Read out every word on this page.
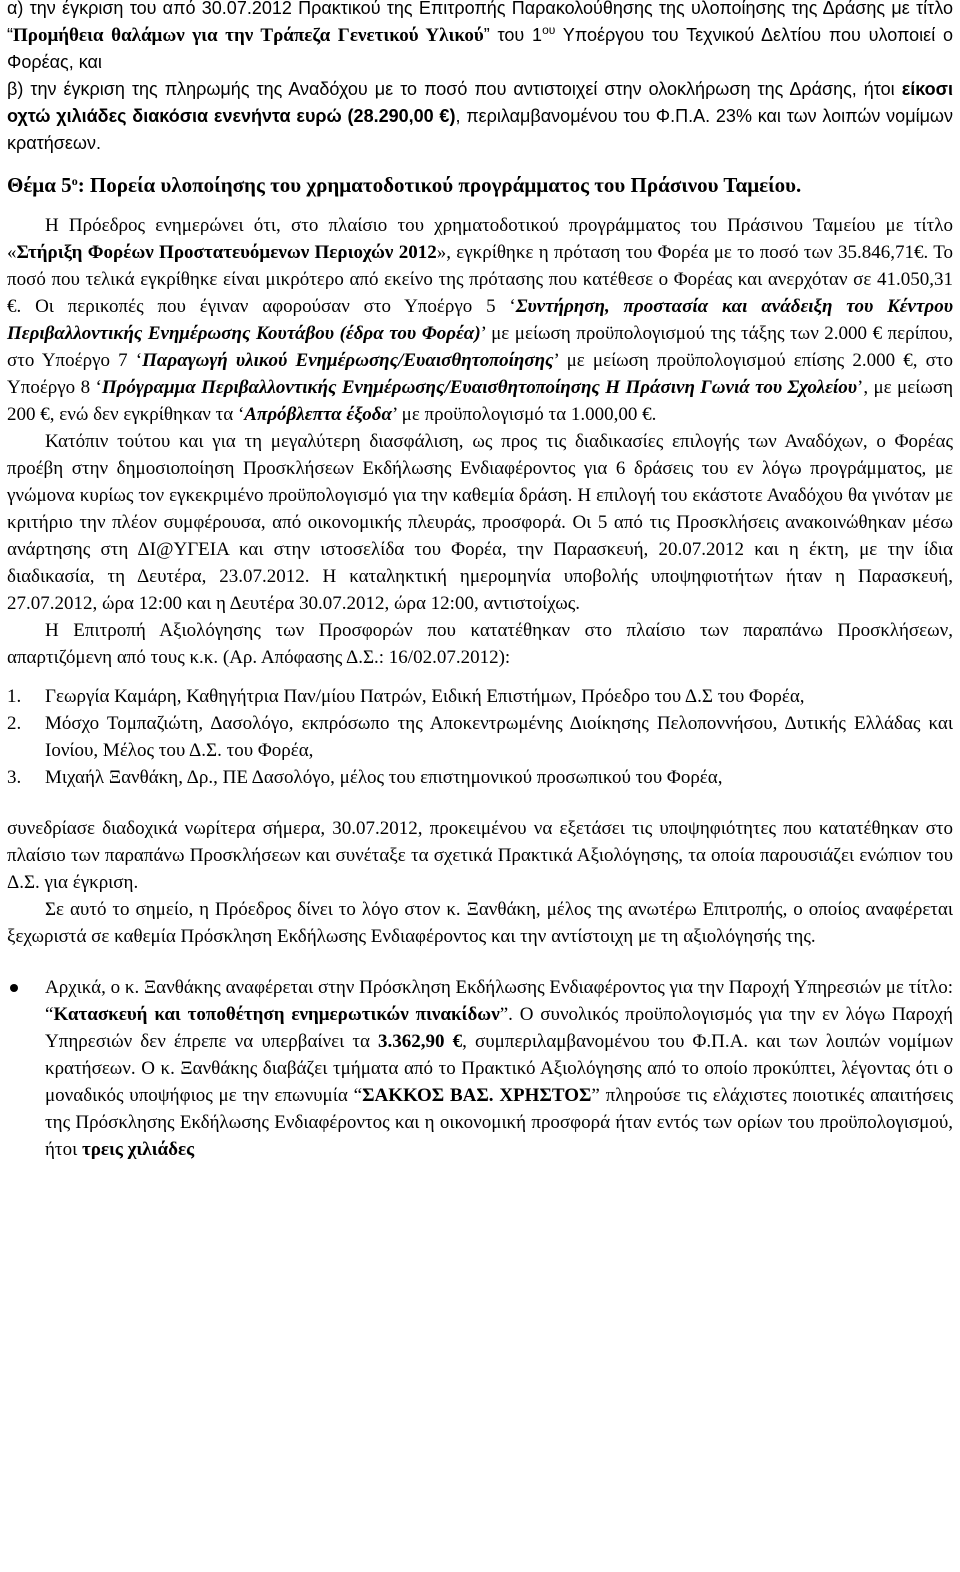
α) την έγκριση του από 30.07.2012 Πρακτικού της Επιτροπής Παρακολούθησης της υλοποίησης της Δράσης με τίτλο “Προμήθεια θαλάμων για την Τράπεζα Γενετικού Υλικού” του $1^{o\upsilon}$ Υποέργου του Τεχνικού Δελτίου που υλοποιεί ο Φορέας, και

β) την έγκριση της πληρωμής της Αναδόχου με το ποσό που αντιστοιχεί στην ολοκλήρωση της Δράσης, ήτοι είκοσι οχτώ χιλιάδες διακόσια ενενήντα ευρώ (28.290,00 €), περιλαμβανομένου του Φ.Π.Α. 23% και των λοιπών νομίμων κρατήσεων.

Θέμα $5^o$: Πορεία υλοποίησης του χρηματοδοτικού προγράμματος του Πράσινου Ταμείου.

Η Πρόεδρος ενημερώνει ότι, στο πλαίσιο του χρηματοδοτικού προγράμματος του Πράσινου Ταμείου με τίτλο «Στήριξη Φορέων Προστατευόμενων Περιοχών 2012», εγκρίθηκε η πρόταση του Φορέα με το ποσό των 35.846,71€. Το ποσό που τελικά εγκρίθηκε είναι μικρότερο από εκείνο της πρότασης που κατέθεσε ο Φορέας και ανερχόταν σε 41.050,31 €. Οι περικοπές που έγιναν αφορούσαν στο Υποέργο 5 ‘Συντήρηση, προστασία και ανάδειξη του Κέντρου Περιβαλλοντικής Ενημέρωσης Κουτάβου (έδρα του Φορέα)’ με μείωση προϋπολογισμού της τάξης των 2.000 € περίπου, στο Υποέργο 7 ‘Παραγωγή υλικού Ενημέρωσης/Ευαισθητοποίησης’ με μείωση προϋπολογισμού επίσης 2.000 €, στο Υποέργο 8 ‘Πρόγραμμα Περιβαλλοντικής Ενημέρωσης/Ευαισθητοποίησης Η Πράσινη Γωνιά του Σχολείου’, με μείωση 200 €, ενώ δεν εγκρίθηκαν τα ‘Απρόβλεπτα έξοδα’ με προϋπολογισμό τα 1.000,00 €.

Κατόπιν τούτου και για τη μεγαλύτερη διασφάλιση, ως προς τις διαδικασίες επιλογής των Αναδόχων, ο Φορέας προέβη στην δημοσιοποίηση Προσκλήσεων Εκδήλωσης Ενδιαφέροντος για 6 δράσεις του εν λόγω προγράμματος, με γνώμονα κυρίως τον εγκεκριμένο προϋπολογισμό για την καθεμία δράση. Η επιλογή του εκάστοτε Αναδόχου θα γινόταν με κριτήριο την πλέον συμφέρουσα, από οικονομικής πλευράς, προσφορά. Οι 5 από τις Προσκλήσεις ανακοινώθηκαν μέσω ανάρτησης στη ΔΙ@ΥΓΕΙΑ και στην ιστοσελίδα του Φορέα, την Παρασκευή, 20.07.2012 και η έκτη, με την ίδια διαδικασία, τη Δευτέρα, 23.07.2012. Η καταληκτική ημερομηνία υποβολής υποψηφιοτήτων ήταν η Παρασκευή, 27.07.2012, ώρα 12:00 και η Δευτέρα 30.07.2012, ώρα 12:00, αντιστοίχως.

Η Επιτροπή Αξιολόγησης των Προσφορών που κατατέθηκαν στο πλαίσιο των παραπάνω Προσκλήσεων, απαρτιζόμενη από τους κ.κ. (Αρ. Απόφασης Δ.Σ.: 16/02.07.2012):

1. Γεωργία Καμάρη, Καθηγήτρια Παν/μίου Πατρών, Ειδική Επιστήμων, Πρόεδρο του Δ.Σ του Φορέα,
2. Μόσχο Τομπαζιώτη, Δασολόγο, εκπρόσωπο της Αποκεντρωμένης Διοίκησης Πελοποννήσου, Δυτικής Ελλάδας και Ιονίου, Μέλος του Δ.Σ. του Φορέα,
3. Μιχαήλ Ξανθάκη, Δρ., ΠΕ Δασολόγο, μέλος του επιστημονικού προσωπικού του Φορέα,

συνεδρίασε διαδοχικά νωρίτερα σήμερα, 30.07.2012, προκειμένου να εξετάσει τις υποψηφιότητες που κατατέθηκαν στο πλαίσιο των παραπάνω Προσκλήσεων και συνέταξε τα σχετικά Πρακτικά Αξιολόγησης, τα οποία παρουσιάζει ενώπιον του Δ.Σ. για έγκριση.

Σε αυτό το σημείο, η Πρόεδρος δίνει το λόγο στον κ. Ξανθάκη, μέλος της ανωτέρω Επιτροπής, ο οποίος αναφέρεται ξεχωριστά σε καθεμία Πρόσκληση Εκδήλωσης Ενδιαφέροντος και την αντίστοιχη με τη αξιολόγησής της.

Αρχικά, ο κ. Ξανθάκης αναφέρεται στην Πρόσκληση Εκδήλωσης Ενδιαφέροντος για την Παροχή Υπηρεσιών με τίτλο: “Κατασκευή και τοποθέτηση ενημερωτικών πινακίδων”. Ο συνολικός προϋπολογισμός για την εν λόγω Παροχή Υπηρεσιών δεν έπρεπε να υπερβαίνει τα 3.362,90 €, συμπεριλαμβανομένου του Φ.Π.Α. και των λοιπών νομίμων κρατήσεων. Ο κ. Ξανθάκης διαβάζει τμήματα από το Πρακτικό Αξιολόγησης από το οποίο προκύπτει, λέγοντας ότι ο μοναδικός υποψήφιος με την επωνυμία “ΣΑΚΚΟΣ ΒΑΣ. ΧΡΗΣΤΟΣ” πληρούσε τις ελάχιστες ποιοτικές απαιτήσεις της Πρόσκλησης Εκδήλωσης Ενδιαφέροντος και η οικονομική προσφορά ήταν εντός των ορίων του προϋπολογισμού, ήτοι τρεις χιλιάδες
